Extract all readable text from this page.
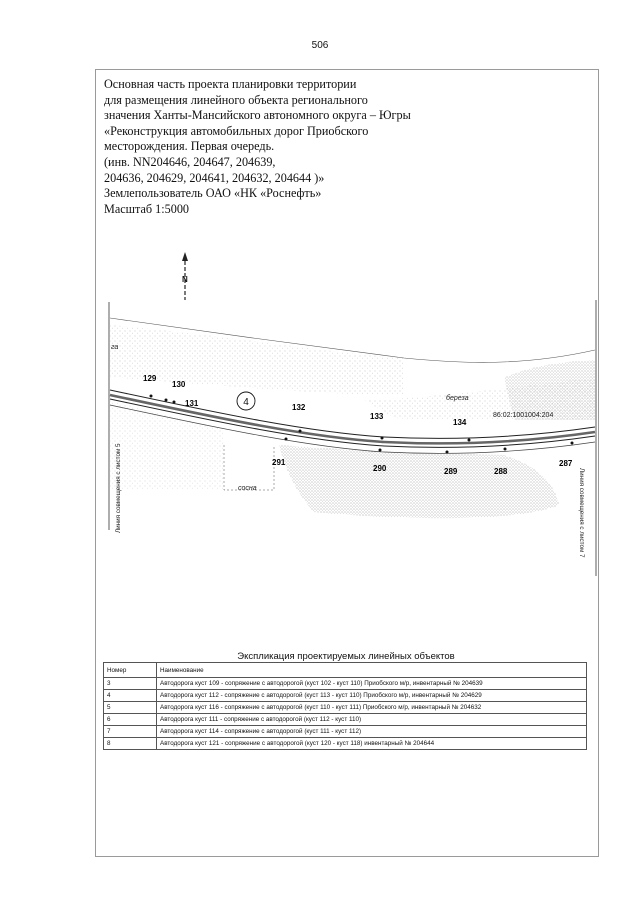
506
Основная часть проекта планировки территории
для размещения линейного объекта регионального
значения Ханты-Мансийского автономного округа – Югры
«Реконструкция автомобильных дорог Приобского
месторождения. Первая очередь.
(инв. NN204646, 204647, 204639,
204636, 204629, 204641, 204632, 204644 )»
Землепользователь ОАО «НК «Роснефть»
Масштаб 1:5000
N
4
129
130
131	132
133
134
291
290	289	288
287
га
береза
сосна
86:02:1001004:204
Линия совмещения с листом 5	Линия совмещения с листом 7
Экспликация проектируемых линейных объектов
Номер	Наименование
3	Автодорога куст 109 - сопряжение с автодорогой (куст 102 - куст 110) Приобского м/р, инвентарный № 204639
4	Автодорога куст 112 - сопряжение с автодорогой (куст 113 - куст 110) Приобского м/р, инвентарный № 204629
5	Автодорога куст 116 - сопряжение с автодорогой (куст 110 - куст 111) Приобского м/р, инвентарный № 204632
6	Автодорога куст 111 - сопряжение с автодорогой (куст 112 - куст 110)
7	Автодорога куст 114 - сопряжение с автодорогой (куст 111 - куст 112)
8	Автодорога куст 121 - сопряжение с автодорогой (куст 120 - куст 118) инвентарный № 204644
